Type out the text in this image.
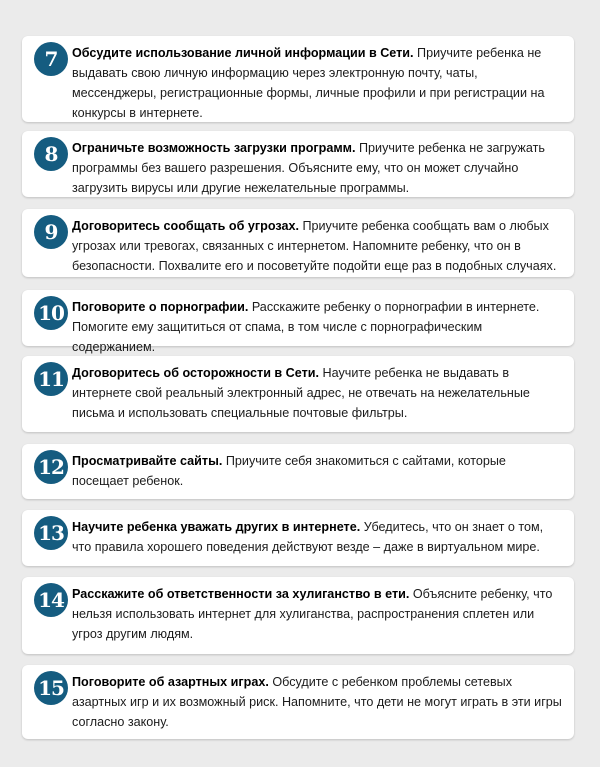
7	Обсудите использование личной информации в Сети. Приучите ребенка не выдавать свою личную информацию через электронную почту, чаты, мессенджеры, регистрационные формы, личные профили и при регистрации на конкурсы в интернете.
8	Ограничьте возможность загрузки программ. Приучите ребенка не загружать программы без вашего разрешения. Объясните ему, что он может случайно загрузить вирусы или другие нежелательные программы.
9	Договоритесь сообщать об угрозах. Приучите ребенка сообщать вам о любых угрозах или тревогах, связанных с интернетом. Напомните ребенку, что он в безопасности. Похвалите его и посоветуйте подойти еще раз в подобных случаях.
10 Поговорите о порнографии. Расскажите ребенку о порнографии в интернете. Помогите ему защититься от спама, в том числе с порнографическим содержанием.
11 Договоритесь об осторожности в Сети. Научите ребенка не выдавать в интернете свой реальный электронный адрес, не отвечать на нежелательные письма и использовать специальные почтовые фильтры.
12 Просматривайте сайты. Приучите себя знакомиться с сайтами, которые посещает ребенок.
13 Научите ребенка уважать других в интернете. Убедитесь, что он знает о том, что правила хорошего поведения действуют везде – даже в виртуальном мире.
14 Расскажите об ответственности за хулиганство в ети. Объясните ребенку, что нельзя использовать интернет для хулиганства, распространения сплетен или угроз другим людям.
15 Поговорите об азартных играх. Обсудите с ребенком проблемы сетевых азартных игр и их возможный риск. Напомните, что дети не могут играть в эти игры согласно закону.
